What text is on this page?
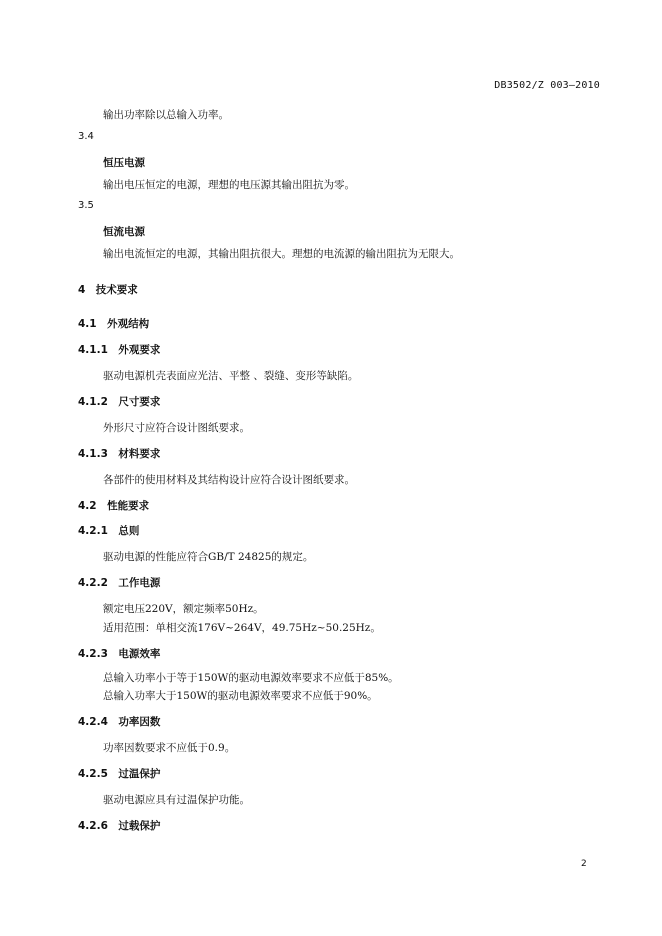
DB3502/Z 003—2010
输出功率除以总输入功率。
3.4
恒压电源
输出电压恒定的电源，理想的电压源其输出阻抗为零。
3.5
恒流电源
输出电流恒定的电源，其输出阻抗很大。理想的电流源的输出阻抗为无限大。
4　技术要求
4.1　外观结构
4.1.1　外观要求
驱动电源机壳表面应光洁、平整 、裂缝、变形等缺陷。
4.1.2　尺寸要求
外形尺寸应符合设计图纸要求。
4.1.3　材料要求
各部件的使用材料及其结构设计应符合设计图纸要求。
4.2　性能要求
4.2.1　总则
驱动电源的性能应符合GB/T 24825的规定。
4.2.2　工作电源
额定电压220V，额定频率50Hz。
适用范围：单相交流176V~264V，49.75Hz~50.25Hz。
4.2.3　电源效率
总输入功率小于等于150W的驱动电源效率要求不应低于85%。
总输入功率大于150W的驱动电源效率要求不应低于90%。
4.2.4　功率因数
功率因数要求不应低于0.9。
4.2.5　过温保护
驱动电源应具有过温保护功能。
4.2.6　过载保护
2
